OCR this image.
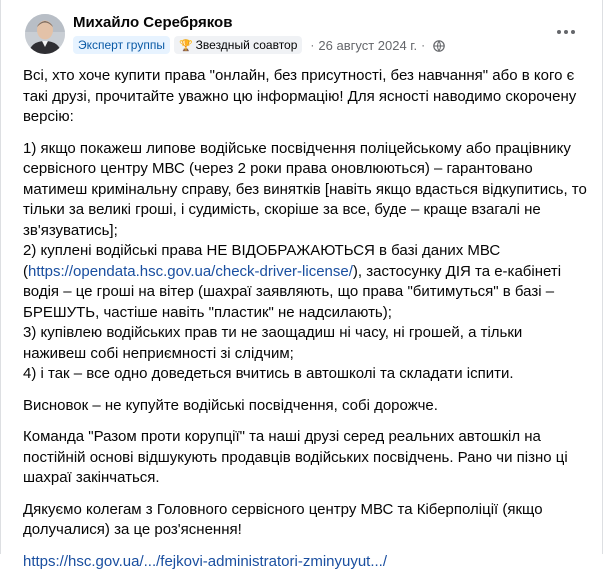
Михайло Серебряков
Эксперт группы	🏆 Звездный соавтор · 26 август 2024 г. ·

Всі, хто хоче купити права "онлайн, без присутності, без навчання" або в кого є такі друзі, прочитайте уважно цю інформацію! Для ясності наводимо скорочену версію:

1) якщо покажеш липове водійське посвідчення поліцейському або працівнику сервісного центру МВС (через 2 роки права оновлюються) – гарантовано матимеш кримінальну справу, без винятків [навіть якщо вдасться відкупитись, то тільки за великі гроші, і судимість, скоріше за все, буде – краще взагалі не зв'язуватись];

2) куплені водійські права НЕ ВІДОБРАЖАЮТЬСЯ в базі даних МВС (https://opendata.hsc.gov.ua/check-driver-license/), застосунку ДІЯ та е-кабінеті водія – це гроші на вітер (шахраї заявляють, що права "битимуться" в базі – БРЕШУТЬ, частіше навіть "пластик" не надсилають);

3) купівлею водійських прав ти не заощадиш ні часу, ні грошей, а тільки наживеш собі неприємності зі слідчим;

4) і так – все одно доведеться вчитись в автошколі та складати іспити.

Висновок – не купуйте водійські посвідчення, собі дорожче.

Команда "Разом проти корупції" та наші друзі серед реальних автошкіл на постійній основі відшукують продавців водійських посвідчень. Рано чи пізно ці шахраї закінчаться.

Дякуємо колегам з Головного сервісного центру МВС та Кіберполіції (якщо долучалися) за це роз'яснення!

https://hsc.gov.ua/.../fejkovi-administratori-zminyuyut.../
